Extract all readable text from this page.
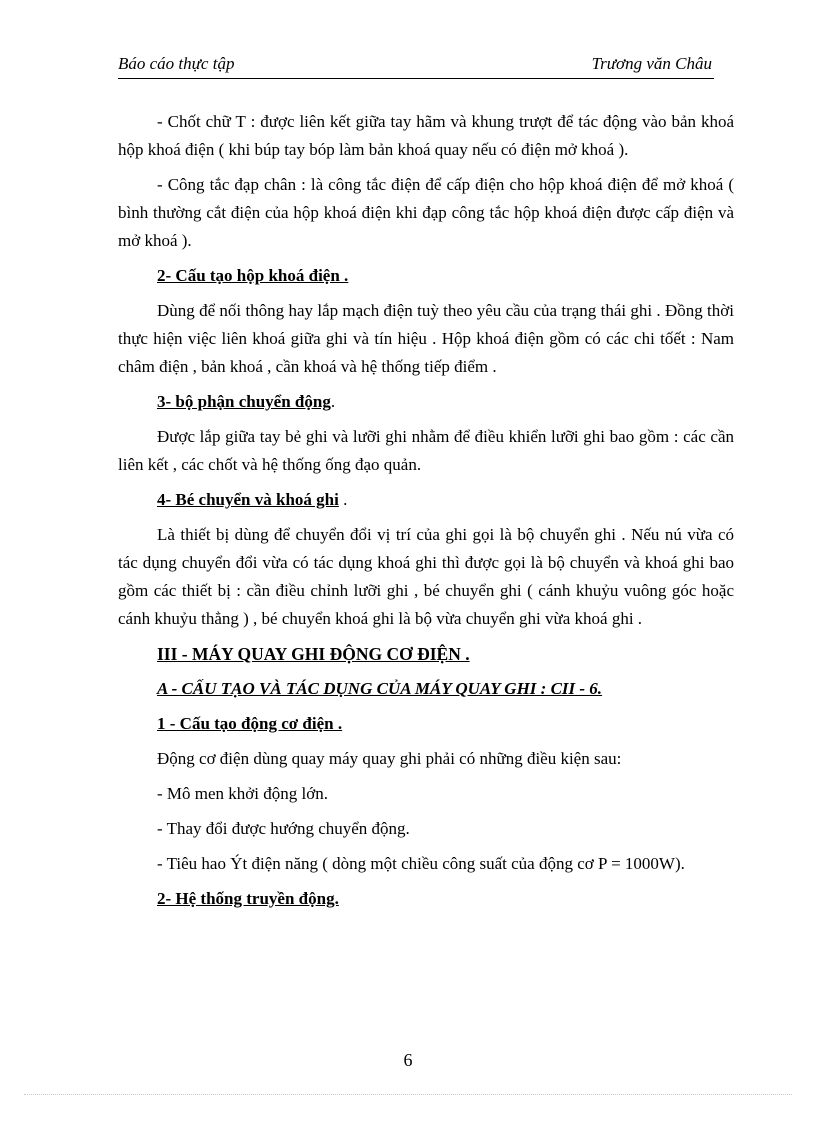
Báo cáo thực tập	Trương văn Châu

- Chốt chữ T : được liên kết giữa tay hãm và khung trượt để tác động vào bản khoá hộp khoá điện ( khi búp tay bóp làm bản khoá quay nếu có điện mở khoá ).

- Công tắc đạp chân : là công tắc điện để cấp điện cho hộp khoá điện để mở khoá ( bình thường cắt điện của hộp khoá điện khi đạp công tắc hộp khoá điện được cấp điện và mở khoá ).

2- Cấu tạo hộp khoá điện .

Dùng để nối thông hay lắp mạch điện tuỳ theo yêu cầu của trạng thái ghi . Đồng thời thực hiện việc liên khoá giữa ghi và tín hiệu . Hộp khoá điện gồm có các chi tốết : Nam châm điện , bản khoá , cần khoá và hệ thống tiếp điểm .

3- bộ phận chuyển động.

Được lắp giữa tay bẻ ghi và lưỡi ghi nhằm để điều khiển lưỡi ghi bao gồm : các cần liên kết , các chốt và hệ thống ống đạo quản.

4- Bé chuyển và khoá ghi .

Là thiết bị dùng để chuyển đổi vị trí của ghi gọi là bộ chuyển ghi . Nếu nú vừa có tác dụng chuyển đổi vừa có tác dụng khoá ghi thì được gọi là bộ chuyển và khoá ghi bao gồm các thiết bị : cần điều chỉnh lưỡi ghi , bé chuyển ghi ( cánh khuỷu vuông góc hoặc cánh khuỷu thẳng ) , bé chuyển khoá ghi là bộ vừa chuyển ghi vừa khoá ghi .

III - MÁY QUAY GHI ĐỘNG CƠ ĐIỆN .
A - CẤU TẠO VÀ TÁC DỤNG CỦA MÁY QUAY GHI : CII - 6.
1 - Cấu tạo động cơ điện .

Động cơ điện dùng quay máy quay ghi phải có những điều kiện sau:

- Mô men khởi động lớn.

- Thay đổi được hướng chuyển động.

- Tiêu hao Ýt điện năng ( dòng một chiều công suất của động cơ P = 1000W).

2- Hệ thống truyền động.
6
